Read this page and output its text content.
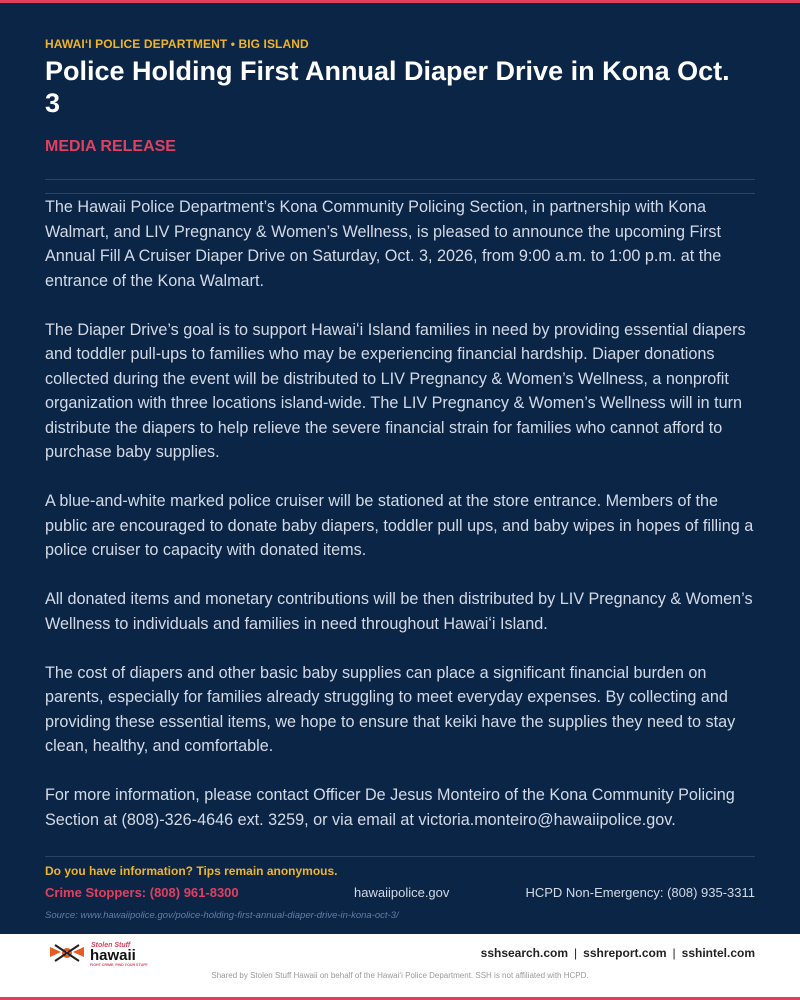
HAWAIʻI POLICE DEPARTMENT • BIG ISLAND
Police Holding First Annual Diaper Drive in Kona Oct. 3
MEDIA RELEASE

The Hawaii Police Department’s Kona Community Policing Section, in partnership with Kona Walmart, and LIV Pregnancy & Women’s Wellness, is pleased to announce the upcoming First Annual Fill A Cruiser Diaper Drive on Saturday, Oct. 3, 2026, from 9:00 a.m. to 1:00 p.m. at the entrance of the Kona Walmart.

The Diaper Drive’s goal is to support Hawaiʻi Island families in need by providing essential diapers and toddler pull-ups to families who may be experiencing financial hardship. Diaper donations collected during the event will be distributed to LIV Pregnancy & Women’s Wellness, a nonprofit organization with three locations island-wide. The LIV Pregnancy & Women’s Wellness will in turn distribute the diapers to help relieve the severe financial strain for families who cannot afford to purchase baby supplies.

A blue-and-white marked police cruiser will be stationed at the store entrance. Members of the public are encouraged to donate baby diapers, toddler pull ups, and baby wipes in hopes of filling a police cruiser to capacity with donated items.

All donated items and monetary contributions will be then distributed by LIV Pregnancy & Women’s Wellness to individuals and families in need throughout Hawaiʻi Island.

The cost of diapers and other basic baby supplies can place a significant financial burden on parents, especially for families already struggling to meet everyday expenses. By collecting and providing these essential items, we hope to ensure that keiki have the supplies they need to stay clean, healthy, and comfortable.

For more information, please contact Officer De Jesus Monteiro of the Kona Community Policing Section at (808)-326-4646 ext. 3259, or via email at victoria.monteiro@hawaiipolice.gov.

Do you have information? Tips remain anonymous.
Crime Stoppers: (808) 961-8300	hawaiipolice.gov	HCPD Non-Emergency: (808) 935-3311
Source: www.hawaiipolice.gov/police-holding-first-annual-diaper-drive-in-kona-oct-3/
Stolen Stuff
hawaii
FIGHT CRIME. FIND YOUR STUFF.
sshsearch.com | sshreport.com | sshintel.com
Shared by Stolen Stuff Hawaii on behalf of the Hawaiʻi Police Department. SSH is not affiliated with HCPD.
